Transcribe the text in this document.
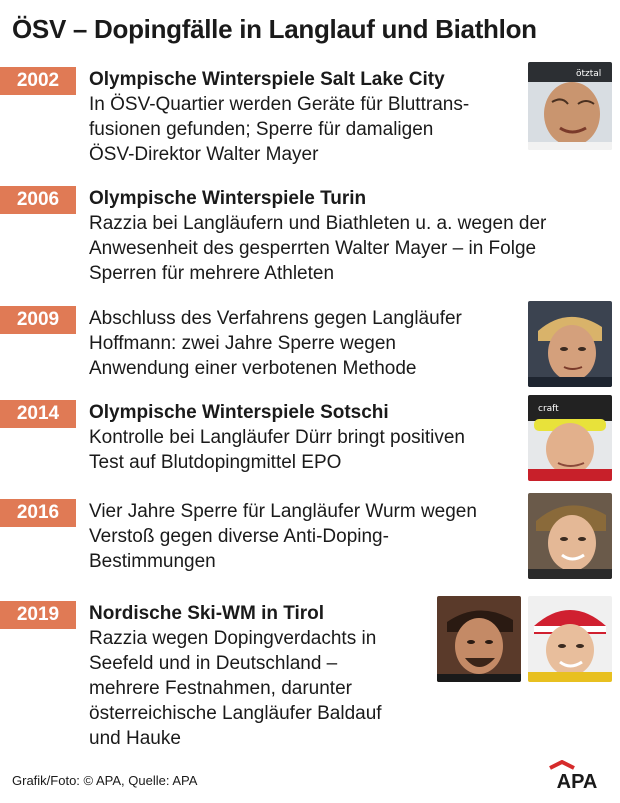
ÖSV – Dopingfälle in Langlauf und Biathlon
2002	Olympische Winterspiele Salt Lake City
In ÖSV-Quartier werden Geräte für Bluttrans-
fusionen gefunden; Sperre für damaligen
ÖSV-Direktor Walter Mayer
ötztal
2006	Olympische Winterspiele Turin
Razzia bei Langläufern und Biathleten u. a. wegen der
Anwesenheit des gesperrten Walter Mayer – in Folge
Sperren für mehrere Athleten
2009	Abschluss des Verfahrens gegen Langläufer
Hoffmann: zwei Jahre Sperre wegen
Anwendung einer verbotenen Methode
2014	Olympische Winterspiele Sotschi
Kontrolle bei Langläufer Dürr bringt positiven
Test auf Blutdopingmittel EPO
craft
2016	Vier Jahre Sperre für Langläufer Wurm wegen
Verstoß gegen diverse Anti-Doping-
Bestimmungen
2019	Nordische Ski-WM in Tirol
Razzia wegen Dopingverdachts in
Seefeld und in Deutschland –
mehrere Festnahmen, darunter
österreichische Langläufer Baldauf
und Hauke
Grafik/Foto: © APA, Quelle: APA	APA
